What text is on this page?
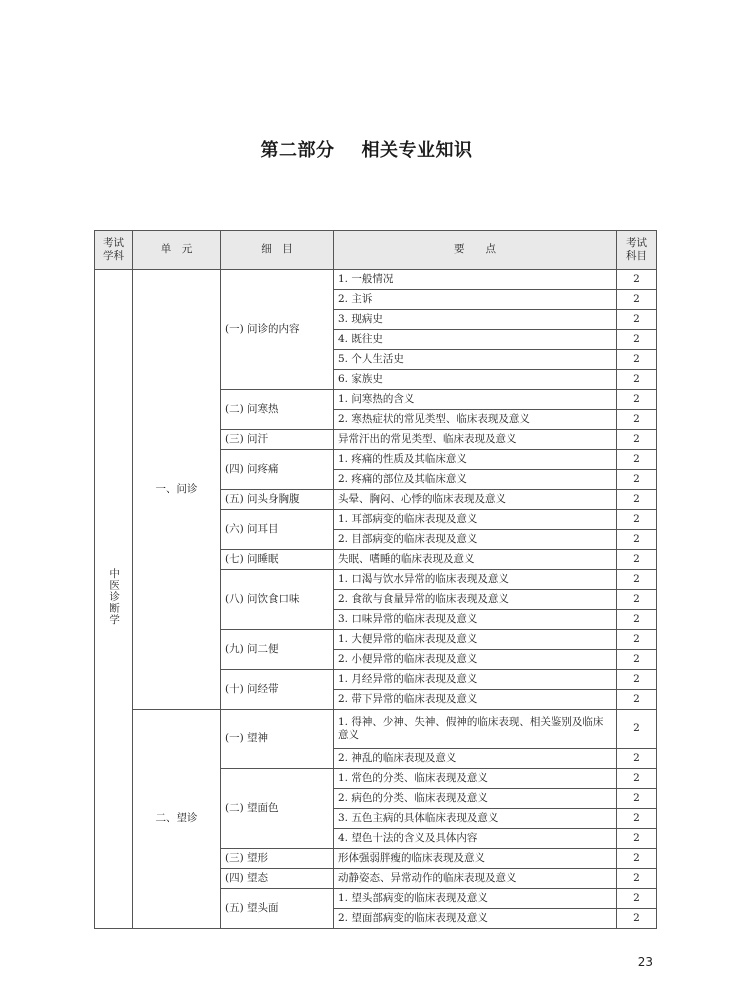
第二部分    相关专业知识
考试学科	单　元	细　目	要　　点	考试科目
中医诊断学	一、问诊	(一) 问诊的内容	1. 一般情况	2
			2. 主诉	2
			3. 现病史	2
			4. 既往史	2
			5. 个人生活史	2
			6. 家族史	2
		(二) 问寒热	1. 问寒热的含义	2
			2. 寒热症状的常见类型、临床表现及意义	2
		(三) 问汗	异常汗出的常见类型、临床表现及意义	2
		(四) 问疼痛	1. 疼痛的性质及其临床意义	2
			2. 疼痛的部位及其临床意义	2
		(五) 问头身胸腹	头晕、胸闷、心悸的临床表现及意义	2
		(六) 问耳目	1. 耳部病变的临床表现及意义	2
			2. 目部病变的临床表现及意义	2
		(七) 问睡眠	失眠、嗜睡的临床表现及意义	2
		(八) 问饮食口味	1. 口渴与饮水异常的临床表现及意义	2
			2. 食欲与食量异常的临床表现及意义	2
			3. 口味异常的临床表现及意义	2
		(九) 问二便	1. 大便异常的临床表现及意义	2
			2. 小便异常的临床表现及意义	2
		(十) 问经带	1. 月经异常的临床表现及意义	2
			2. 带下异常的临床表现及意义	2
	二、望诊	(一) 望神	1. 得神、少神、失神、假神的临床表现、相关鉴别及临床意义	2
			2. 神乱的临床表现及意义	2
		(二) 望面色	1. 常色的分类、临床表现及意义	2
			2. 病色的分类、临床表现及意义	2
			3. 五色主病的具体临床表现及意义	2
			4. 望色十法的含义及具体内容	2
		(三) 望形	形体强弱胖瘦的临床表现及意义	2
		(四) 望态	动静姿态、异常动作的临床表现及意义	2
		(五) 望头面	1. 望头部病变的临床表现及意义	2
			2. 望面部病变的临床表现及意义	2
23
